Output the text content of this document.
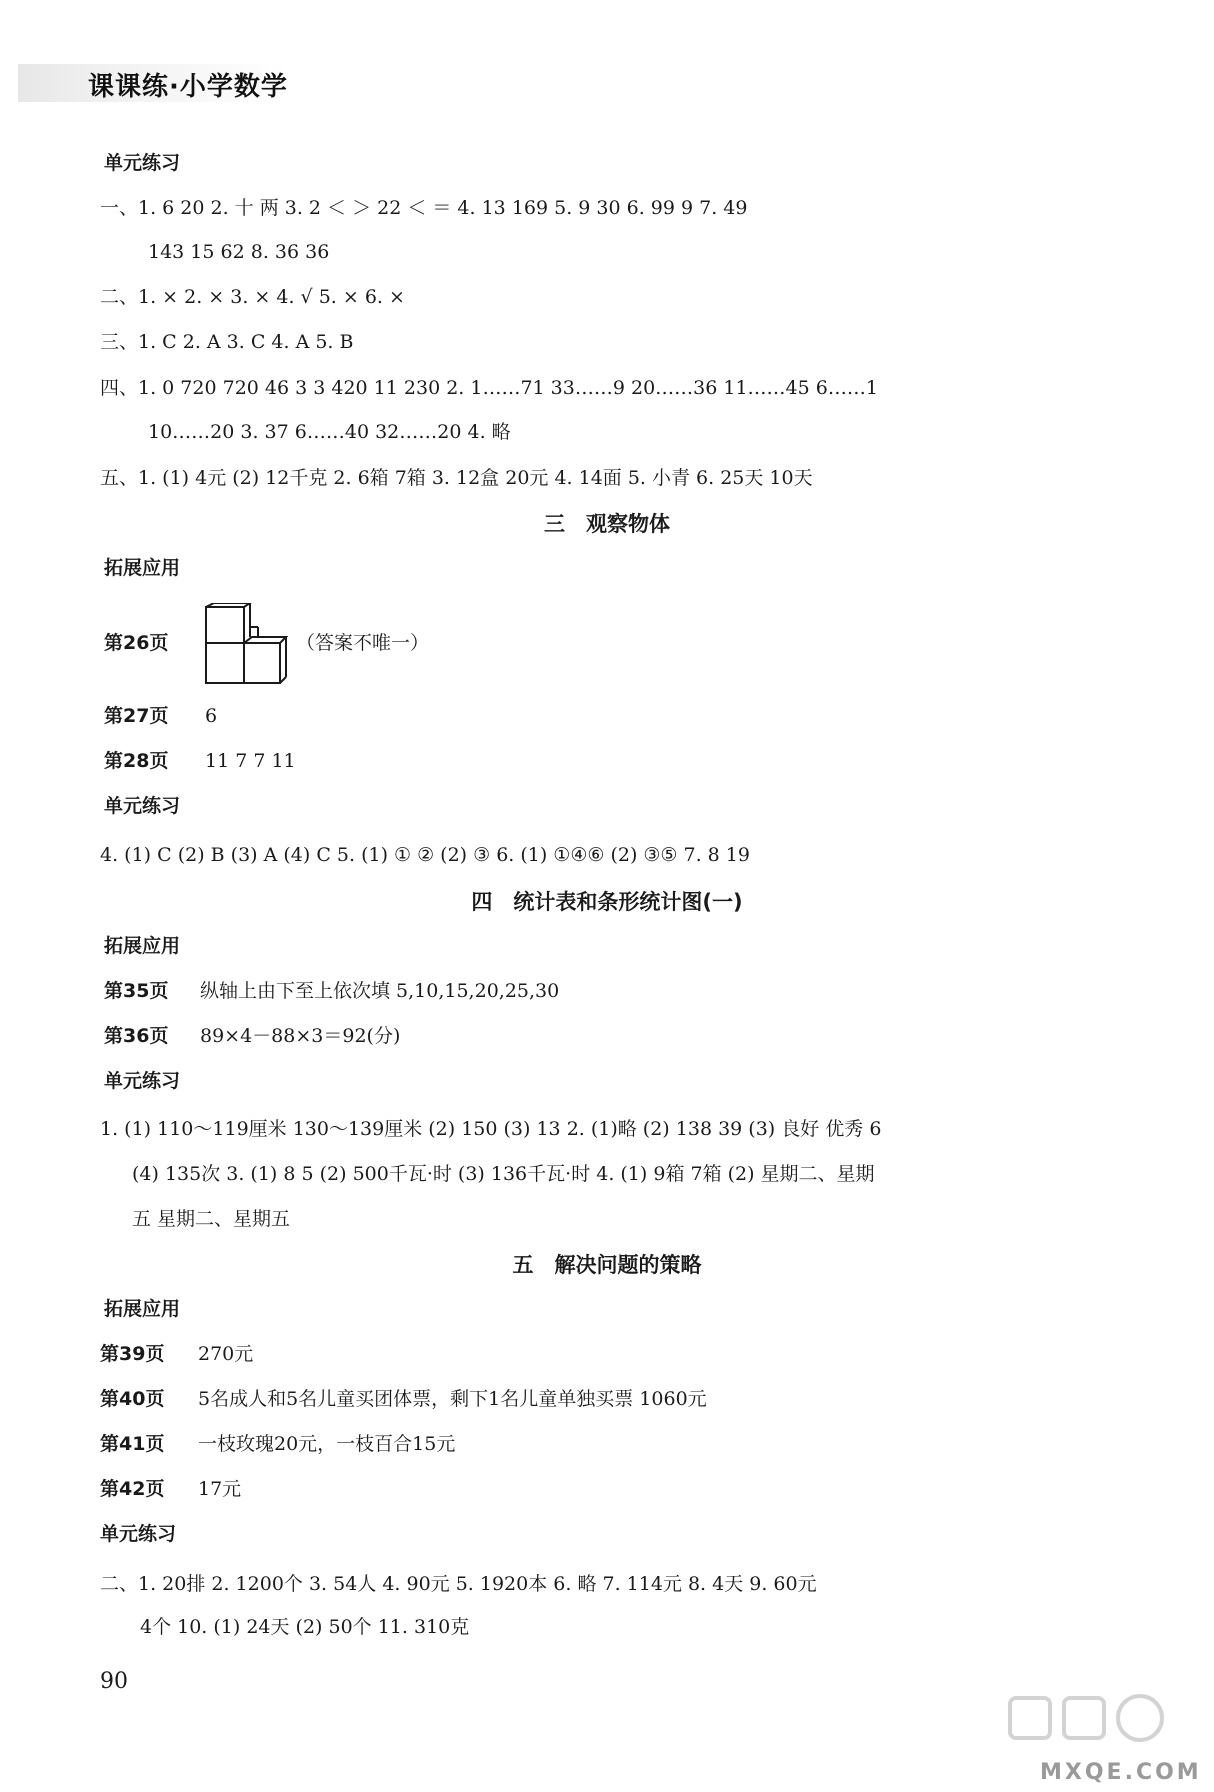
课课练·小学数学
单元练习
一、1. 6 20 2. 十 两 3. 2 ＜ ＞ 22 ＜ ＝ 4. 13 169 5. 9 30 6. 99 9 7. 49
143 15 62 8. 36 36
二、1. × 2. × 3. × 4. √ 5. × 6. ×
三、1. C 2. A 3. C 4. A 5. B
四、1. 0 720 720 46 3 3 420 11 230 2. 1……71 33……9 20……36 11……45 6……1
10……20 3. 37 6……40 32……20 4. 略
五、1. (1) 4元 (2) 12千克 2. 6箱 7箱 3. 12盒 20元 4. 14面 5. 小青 6. 25天 10天
三　观察物体
拓展应用
第26页	（答案不唯一）
第27页 6
第28页 11 7 7 11
单元练习
4. (1) C (2) B (3) A (4) C 5. (1) ① ② (2) ③ 6. (1) ①④⑥ (2) ③⑤ 7. 8 19
四　统计表和条形统计图(一)
拓展应用
第35页 纵轴上由下至上依次填 5,10,15,20,25,30
第36页 89×4－88×3＝92(分)
单元练习
1. (1) 110～119厘米 130～139厘米 (2) 150 (3) 13 2. (1)略 (2) 138 39 (3) 良好 优秀 6
(4) 135次 3. (1) 8 5 (2) 500千瓦·时 (3) 136千瓦·时 4. (1) 9箱 7箱 (2) 星期二、星期
五 星期二、星期五
五　解决问题的策略
拓展应用
第39页 270元
第40页 5名成人和5名儿童买团体票，剩下1名儿童单独买票 1060元
第41页 一枝玫瑰20元，一枝百合15元
第42页 17元
单元练习
二、1. 20排 2. 1200个 3. 54人 4. 90元 5. 1920本 6. 略 7. 114元 8. 4天 9. 60元
4个 10. (1) 24天 (2) 50个 11. 310克
90
MXQE.COM
